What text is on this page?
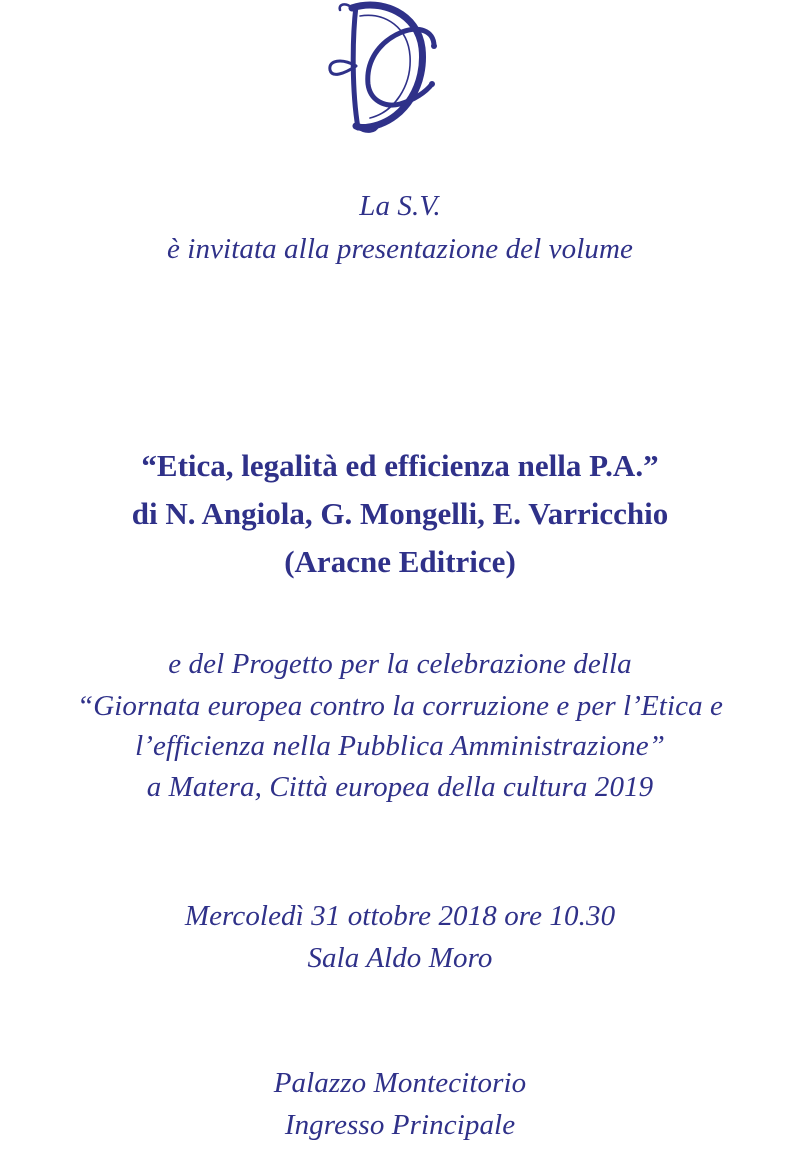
La S.V.
è invitata alla presentazione del volume
“Etica, legalità ed efficienza nella P.A.”
di N. Angiola, G. Mongelli, E. Varricchio
(Aracne Editrice)
e del Progetto per la celebrazione della
“Giornata europea contro la corruzione e per l’Etica e
l’efficienza nella Pubblica Amministrazione”
a Matera, Città europea della cultura 2019
Mercoledì 31 ottobre 2018 ore 10.30
Sala Aldo Moro
Palazzo Montecitorio
Ingresso Principale
